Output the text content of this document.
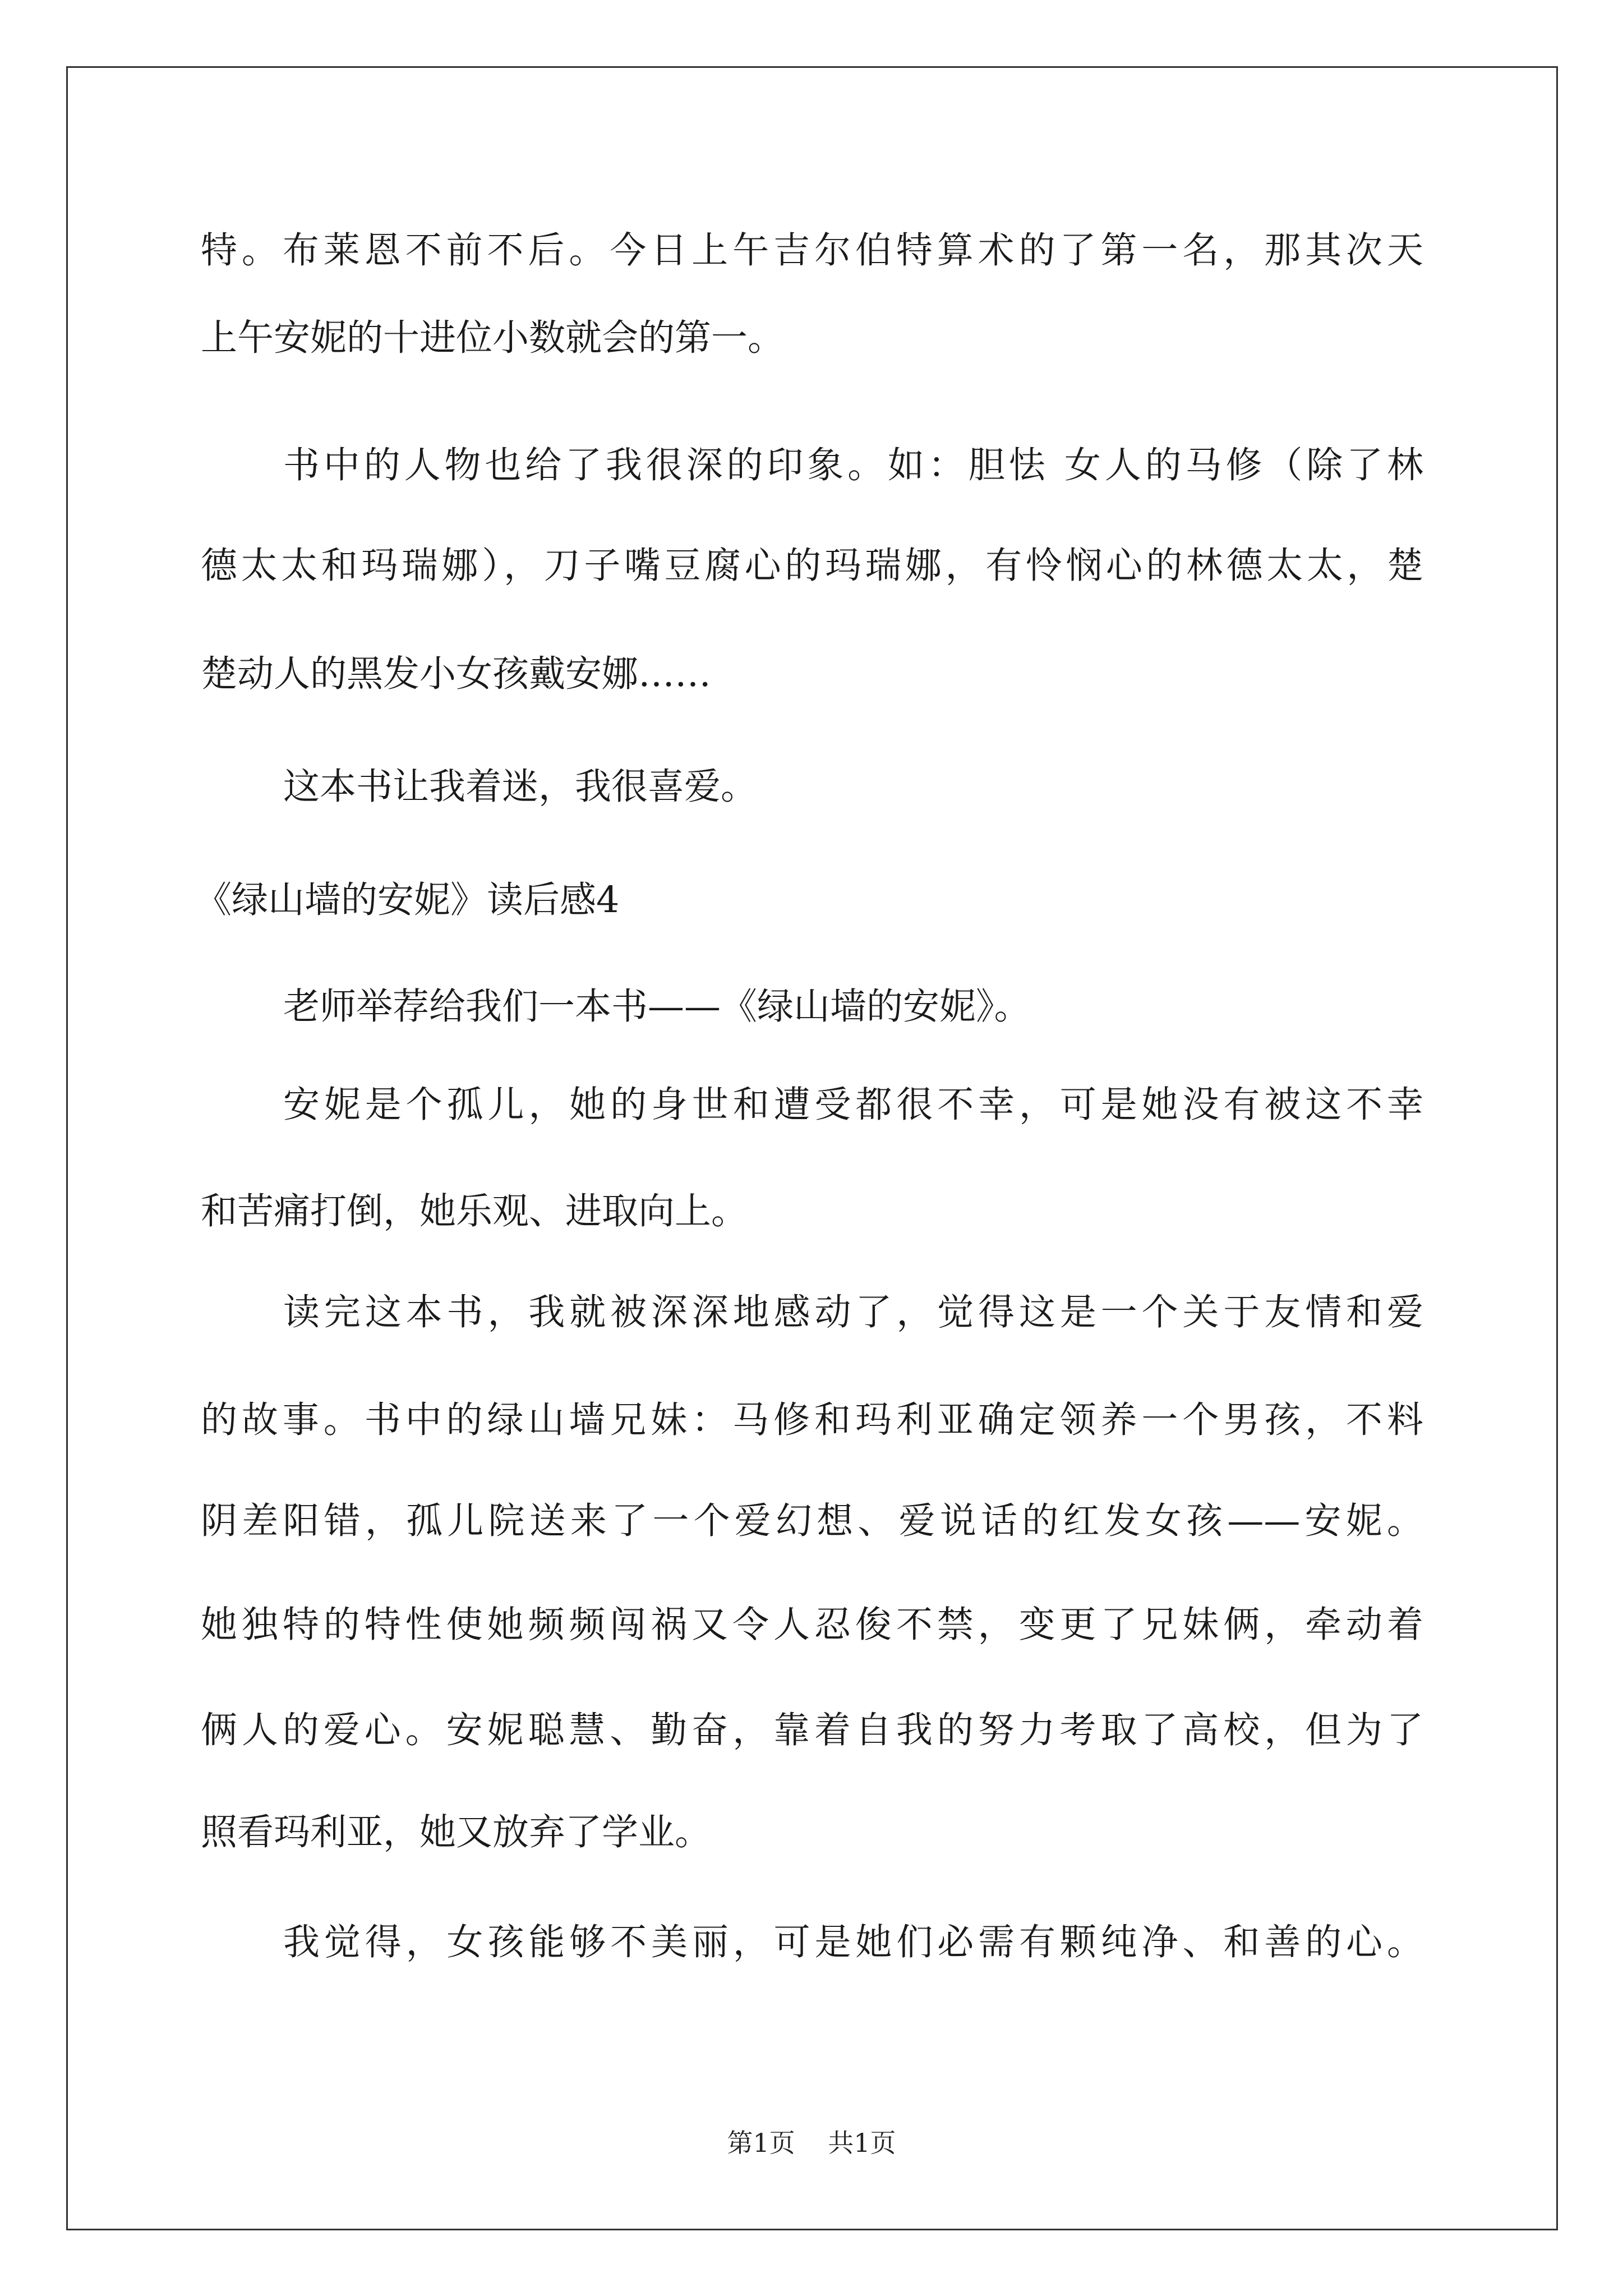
特。布莱恩不前不后。今日上午吉尔伯特算术的了第一名，那其次天

上午安妮的十进位小数就会的第一。

书中的人物也给了我很深的印象。如：胆怯 女人的马修（除了林

德太太和玛瑞娜），刀子嘴豆腐心的玛瑞娜，有怜悯心的林德太太，楚

楚动人的黑发小女孩戴安娜……

这本书让我着迷，我很喜爱。

《绿山墙的安妮》读后感4

老师举荐给我们一本书——《绿山墙的安妮》。

安妮是个孤儿，她的身世和遭受都很不幸，可是她没有被这不幸

和苦痛打倒，她乐观、进取向上。

读完这本书，我就被深深地感动了，觉得这是一个关于友情和爱

的故事。书中的绿山墙兄妹：马修和玛利亚确定领养一个男孩，不料

阴差阳错，孤儿院送来了一个爱幻想、爱说话的红发女孩——安妮。

她独特的特性使她频频闯祸又令人忍俊不禁，变更了兄妹俩，牵动着

俩人的爱心。安妮聪慧、勤奋，靠着自我的努力考取了高校，但为了

照看玛利亚，她又放弃了学业。

我觉得，女孩能够不美丽，可是她们必需有颗纯净、和善的心。

第1页    共1页
